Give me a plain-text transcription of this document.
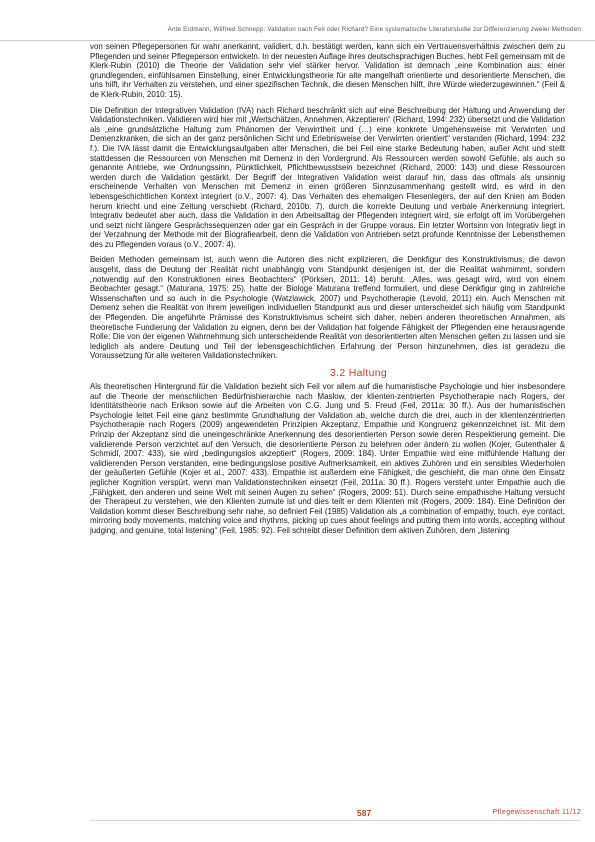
Ante Erdmann, Wilfried Schnepp: Validation nach Feil oder Richard? Eine systematische Literaturstudie zur Differenzierung zweier Methoden

von seinen Pflegepersonen für wahr anerkannt, validiert, d.h. bestätigt werden, kann sich ein Vertrauensverhältnis zwischen dem zu Pflegenden und seiner Pflegeperson entwickeln. In der neuesten Auflage ihres deutschsprachigen Buches, hebt Feil gemeinsam mit de Klerk-Rubin (2010) die Theorie der Validation sehr viel stärker hervor. Validation ist demnach „eine Kombination aus: einer grundlegenden, einfühlsamen Einstellung, einer Entwicklungstheorie für alte mangelhaft orientierte und desorientierte Menschen, die uns hilft, ihr Verhalten zu verstehen, und einer spezifischen Technik, die diesen Menschen hilft, ihre Würde wiederzugewinnen.“ (Feil & de Klerk-Rubin, 2010: 15).

Die Definition der Integrativen Validation (IVA) nach Richard beschränkt sich auf eine Beschreibung der Haltung und Anwendung der Validationstechniken. Validieren wird hier mit „Wertschätzen, Annehmen, Akzeptieren“ (Richard, 1994: 232) übersetzt und die Validation als „eine grundsätzliche Haltung zum Phänomen der Verwirrtheit und (…) eine konkrete Umgehensweise mit Verwirrten und Demenzkranken, die sich an der ganz persönlichen Sicht und Erlebnisweise der Verwirrten orientiert“ verstanden (Richard, 1994: 232 f.). Die IVA lässt damit die Entwicklungsaufgaben alter Menschen, die bei Feil eine starke Bedeutung haben, außer Acht und stellt stattdessen die Ressourcen von Menschen mit Demenz in den Vordergrund. Als Ressourcen werden sowohl Gefühle, als auch so genannte Antriebe, wie Ordnungssinn, Pünktlichkeit, Pflichtbewusstsein bezeichnet (Richard, 2000: 143) und diese Ressourcen werden durch die Validation gestärkt. Der Begriff der Integrativen Validation weist darauf hin, dass das oftmals als unsinnig erscheinende Verhalten von Menschen mit Demenz in einen größeren Sinnzusammenhang gestellt wird, es wird in den lebensgeschichtlichen Kontext integriert (o.V., 2007: 4). Das Verhalten des ehemaligen Fliesenlegers, der auf den Knien am Boden herum kriecht und eine Zeitung verschiebt (Richard, 2010b: 7), durch die korrekte Deutung und verbale Anerkennung integriert. Integrativ bedeutet aber auch, dass die Validation in den Arbeitsalltag der Pflegenden integriert wird, sie erfolgt oft im Vorübergehen und setzt nicht längere Gesprächssequenzen oder gar ein Gespräch in der Gruppe voraus. Ein letzter Wortsinn von Integrativ liegt in der Verzahnung der Methode mit der Biografiearbeit, denn die Validation von Antrieben setzt profunde Kenntnisse der Lebensthemen des zu Pflegenden voraus (o.V., 2007: 4).

Beiden Methoden gemeinsam ist, auch wenn die Autoren dies nicht explizieren, die Denkfigur des Konstruktivismus, die davon ausgeht, dass die Deutung der Realität nicht unabhängig vom Standpunkt desjenigen ist, der die Realität wahrnimmt, sondern „notwendig auf den Konstruktionen eines Beobachters“ (Pörksen, 2011: 14) beruht. „Alles, was gesagt wird, wird von einem Beobachter gesagt.“ (Maturana, 1975: 25), hatte der Biologe Maturana treffend formuliert, und diese Denkfigur ging in zahlreiche Wissenschaften und so auch in die Psychologie (Watzlawick, 2007) und Psychotherapie (Levold, 2011) ein. Auch Menschen mit Demenz sehen die Realität von ihrem jeweiligen individuellen Standpunkt aus und dieser unterscheidet sich häufig vom Standpunkt der Pflegenden. Die angeführte Prämisse des Konstruktivismus scheint sich daher, neben anderen theoretischen Annahmen, als theoretische Fundierung der Validation zu eignen, denn bei der Validation hat folgende Fähigkeit der Pflegenden eine herausragende Rolle: Die von der eigenen Wahrnehmung sich unterscheidende Realität von desorientierten alten Menschen gelten zu lassen und sie lediglich als andere Deutung und Teil der lebensgeschichtlichen Erfahrung der Person hinzunehmen, dies ist geradezu die Voraussetzung für alle weiteren Validationstechniken.

3.2 Haltung

Als theoretischen Hintergrund für die Validation bezieht sich Feil vor allem auf die humanistische Psychologie und hier insbesondere auf die Theorie der menschlichen Bedürfnishierarchie nach Maslow, der klienten-zentrierten Psychotherapie nach Rogers, der Identitätstheorie nach Erikson sowie auf die Arbeiten von C.G. Jung und S. Freud (Feil, 2011a: 30 ff.). Aus der humanistischen Psychologie leitet Feil eine ganz bestimmte Grundhaltung der Validation ab, welche durch die drei, auch in der klientenzentrierten Psychotherapie nach Rogers (2009) angewendeten Prinzipien Akzeptanz, Empathie und Kongruenz gekennzeichnet ist. Mit dem Prinzip der Akzeptanz sind die uneingeschränkte Anerkennung des desorientierten Person sowie deren Respektierung gemeint. Die validierende Person verzichtet auf den Versuch, die desorientierte Person zu belehren oder ändern zu wollen (Kojer, Gutenthaler & Schmidl, 2007: 433), sie wird „bedingungslos akzeptiert“ (Rogers, 2009: 184). Unter Empathie wird eine mitfühlende Haltung der validierenden Person verstanden, eine bedingungslose positive Aufmerksamkeit, ein aktives Zuhören und ein sensibles Wiederholen der geäußerten Gefühle (Kojer et al., 2007: 433). Empathie ist außerdem eine Fähigkeit, die geschieht, die man ohne den Einsatz jeglicher Kognition verspürt, wenn man Validationstechniken einsetzt (Feil, 2011a: 30 ff.). Rogers versteht unter Empathie auch die „Fähigkeit, den anderen und seine Welt mit seinen Augen zu sehen“ (Rogers, 2009: 51). Durch seine empathische Haltung versucht der Therapeut zu verstehen, wie den Klienten zumute ist und dies teilt er dem Klienten mit (Rogers, 2009: 184). Eine Definition der Validation kommt dieser Beschreibung sehr nahe, so definiert Feil (1985) Validation als „a combination of empathy, touch, eye contact, mirroring body movements, matching voice and rhythms, picking up cues about feelings and putting them into words, accepting without judging, and genuine, total listening“ (Feil, 1985: 92). Feil schreibt dieser Definition dem aktiven Zuhören, dem „listening

587	Pflegewissenschaft 11/12
